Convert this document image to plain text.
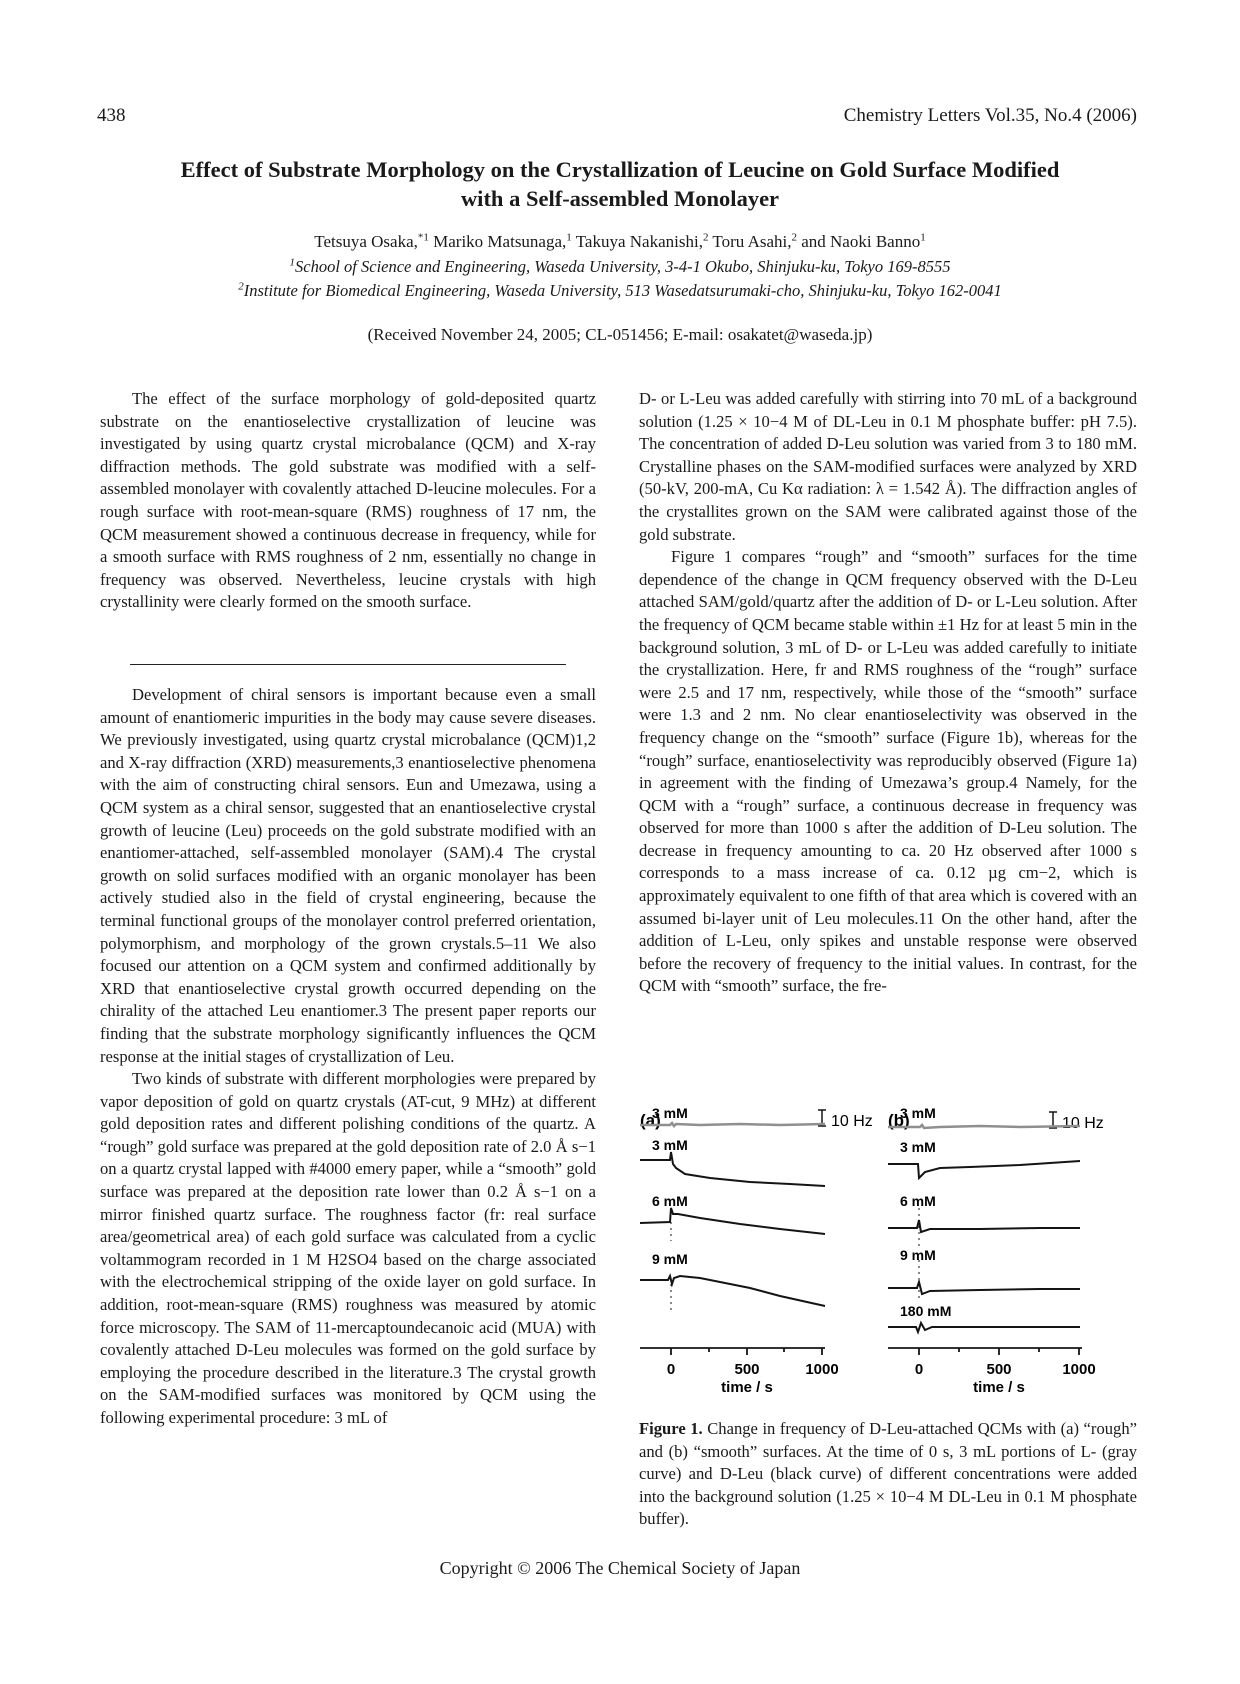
438	Chemistry Letters Vol.35, No.4 (2006)
Effect of Substrate Morphology on the Crystallization of Leucine on Gold Surface Modified
with a Self-assembled Monolayer
Tetsuya Osaka,$^{*1}$ Mariko Matsunaga,$^1$ Takuya Nakanishi,$^2$ Toru Asahi,$^2$ and Naoki Banno$^1$
$^1$School of Science and Engineering, Waseda University, 3-4-1 Okubo, Shinjuku-ku, Tokyo 169-8555
$^2$Institute for Biomedical Engineering, Waseda University, 513 Wasedatsurumaki-cho, Shinjuku-ku, Tokyo 162-0041
(Received November 24, 2005; CL-051456; E-mail: osakatet@waseda.jp)

The effect of the surface morphology of gold-deposited quartz substrate on the enantioselective crystallization of leucine was investigated by using quartz crystal microbalance (QCM) and X-ray diffraction methods. The gold substrate was modified with a self-assembled monolayer with covalently attached D-leucine molecules. For a rough surface with root-mean-square (RMS) roughness of 17 nm, the QCM measurement showed a continuous decrease in frequency, while for a smooth surface with RMS roughness of 2 nm, essentially no change in frequency was observed. Nevertheless, leucine crystals with high crystallinity were clearly formed on the smooth surface.

Development of chiral sensors is important because even a small amount of enantiomeric impurities in the body may cause severe diseases. We previously investigated, using quartz crystal microbalance (QCM)1,2 and X-ray diffraction (XRD) measurements,3 enantioselective phenomena with the aim of constructing chiral sensors. Eun and Umezawa, using a QCM system as a chiral sensor, suggested that an enantioselective crystal growth of leucine (Leu) proceeds on the gold substrate modified with an enantiomer-attached, self-assembled monolayer (SAM).4 The crystal growth on solid surfaces modified with an organic monolayer has been actively studied also in the field of crystal engineering, because the terminal functional groups of the monolayer control preferred orientation, polymorphism, and morphology of the grown crystals.5–11 We also focused our attention on a QCM system and confirmed additionally by XRD that enantioselective crystal growth occurred depending on the chirality of the attached Leu enantiomer.3 The present paper reports our finding that the substrate morphology significantly influences the QCM response at the initial stages of crystallization of Leu.

Two kinds of substrate with different morphologies were prepared by vapor deposition of gold on quartz crystals (AT-cut, 9 MHz) at different gold deposition rates and different polishing conditions of the quartz. A “rough” gold surface was prepared at the gold deposition rate of 2.0 Å s−1 on a quartz crystal lapped with #4000 emery paper, while a “smooth” gold surface was prepared at the deposition rate lower than 0.2 Å s−1 on a mirror finished quartz surface. The roughness factor (fr: real surface area/geometrical area) of each gold surface was calculated from a cyclic voltammogram recorded in 1 M H2SO4 based on the charge associated with the electrochemical stripping of the oxide layer on gold surface. In addition, root-mean-square (RMS) roughness was measured by atomic force microscopy. The SAM of 11-mercaptoundecanoic acid (MUA) with covalently attached D-Leu molecules was formed on the gold surface by employing the procedure described in the literature.3 The crystal growth on the SAM-modified surfaces was monitored by QCM using the following experimental procedure: 3 mL of

D- or L-Leu was added carefully with stirring into 70 mL of a background solution (1.25 × 10−4 M of DL-Leu in 0.1 M phosphate buffer: pH 7.5). The concentration of added D-Leu solution was varied from 3 to 180 mM. Crystalline phases on the SAM-modified surfaces were analyzed by XRD (50-kV, 200-mA, Cu Kα radiation: λ = 1.542 Å). The diffraction angles of the crystallites grown on the SAM were calibrated against those of the gold substrate.

Figure 1 compares “rough” and “smooth” surfaces for the time dependence of the change in QCM frequency observed with the D-Leu attached SAM/gold/quartz after the addition of D- or L-Leu solution. After the frequency of QCM became stable within ±1 Hz for at least 5 min in the background solution, 3 mL of D- or L-Leu was added carefully to initiate the crystallization. Here, fr and RMS roughness of the “rough” surface were 2.5 and 17 nm, respectively, while those of the “smooth” surface were 1.3 and 2 nm. No clear enantioselectivity was observed in the frequency change on the “smooth” surface (Figure 1b), whereas for the “rough” surface, enantioselectivity was reproducibly observed (Figure 1a) in agreement with the finding of Umezawa’s group.4 Namely, for the QCM with a “rough” surface, a continuous decrease in frequency was observed for more than 1000 s after the addition of D-Leu solution. The decrease in frequency amounting to ca. 20 Hz observed after 1000 s corresponds to a mass increase of ca. 0.12 µg cm−2, which is approximately equivalent to one fifth of that area which is covered with an assumed bi-layer unit of Leu molecules.11 On the other hand, after the addition of L-Leu, only spikes and unstable response were observed before the recovery of frequency to the initial values. In contrast, for the QCM with “smooth” surface, the fre-

(a)	(b)
10 Hz	10 Hz
3 mM
3 mM
6 mM
9 mM
3 mM
3 mM
6 mM
9 mM
180 mM
0	500	1000
time / s
0	500	1000
time / s
Figure 1. Change in frequency of D-Leu-attached QCMs with (a) “rough” and (b) “smooth” surfaces. At the time of 0 s, 3 mL portions of L- (gray curve) and D-Leu (black curve) of different concentrations were added into the background solution (1.25 × 10−4 M DL-Leu in 0.1 M phosphate buffer).
Copyright © 2006 The Chemical Society of Japan
